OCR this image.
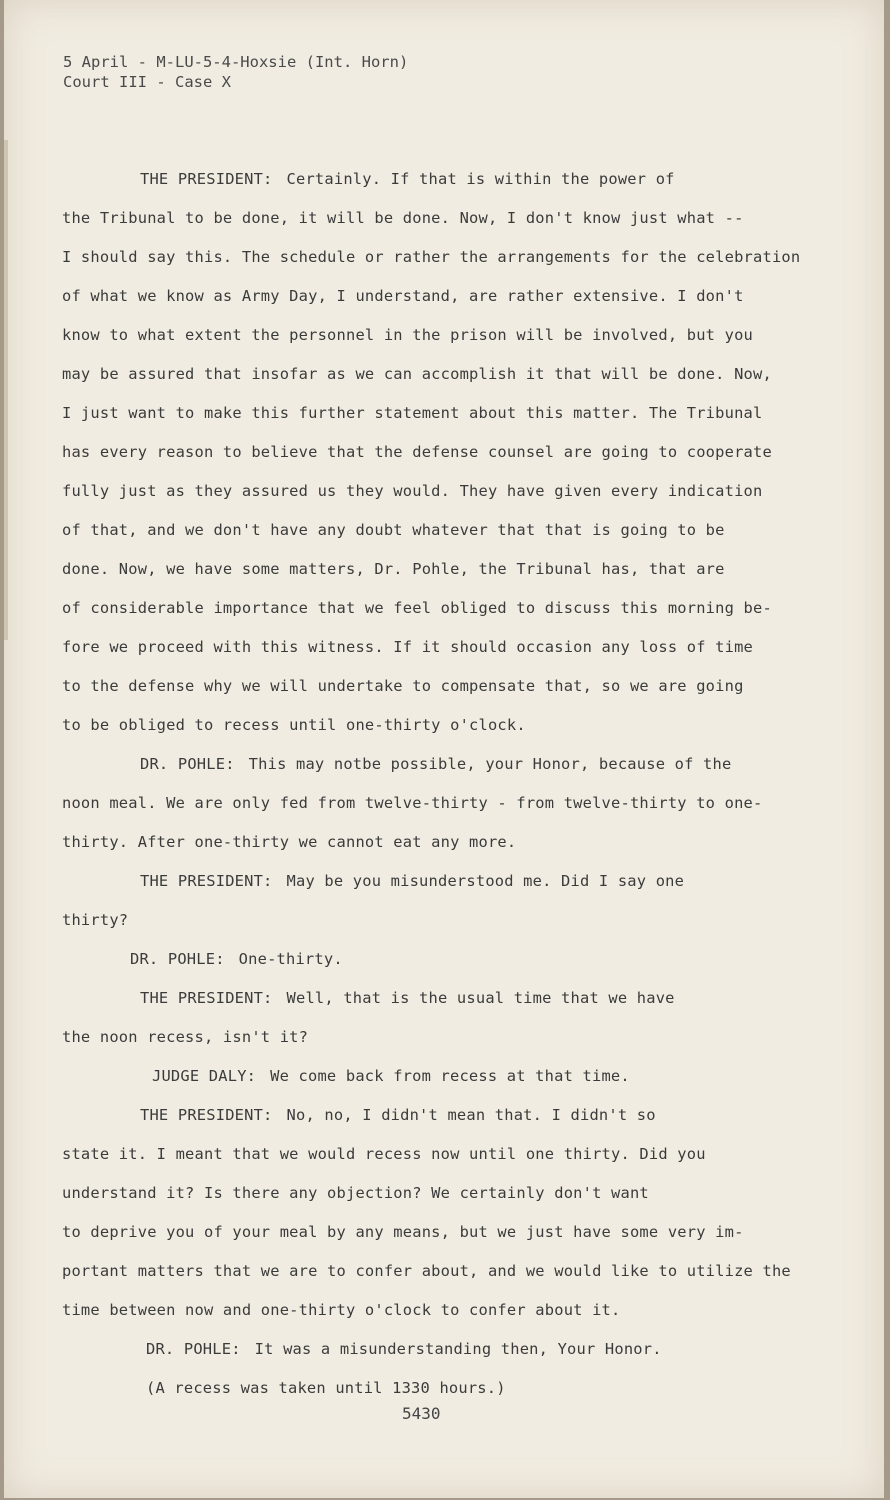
5 April - M-LU-5-4-Hoxsie (Int. Horn)
Court III - Case X
THE PRESIDENT: Certainly. If that is within the power of
the Tribunal to be done, it will be done. Now, I don't know just what --
I should say this. The schedule or rather the arrangements for the celebration
of what we know as Army Day, I understand, are rather extensive. I don't
know to what extent the personnel in the prison will be involved, but you
may be assured that insofar as we can accomplish it that will be done. Now,
I just want to make this further statement about this matter. The Tribunal
has every reason to believe that the defense counsel are going to cooperate
fully just as they assured us they would. They have given every indication
of that, and we don't have any doubt whatever that that is going to be
done. Now, we have some matters, Dr. Pohle, the Tribunal has, that are
of considerable importance that we feel obliged to discuss this morning be-
fore we proceed with this witness. If it should occasion any loss of time
to the defense why we will undertake to compensate that, so we are going
to be obliged to recess until one-thirty o'clock.
DR. POHLE: This may notbe possible, your Honor, because of the
noon meal. We are only fed from twelve-thirty - from twelve-thirty to one-
thirty. After one-thirty we cannot eat any more.
THE PRESIDENT: May be you misunderstood me. Did I say one
thirty?
DR. POHLE: One-thirty.
THE PRESIDENT: Well, that is the usual time that we have
the noon recess, isn't it?
JUDGE DALY: We come back from recess at that time.
THE PRESIDENT: No, no, I didn't mean that. I didn't so
state it. I meant that we would recess now until one thirty. Did you
understand it? Is there any objection? We certainly don't want
to deprive you of your meal by any means, but we just have some very im-
portant matters that we are to confer about, and we would like to utilize the
time between now and one-thirty o'clock to confer about it.
DR. POHLE: It was a misunderstanding then, Your Honor.
(A recess was taken until 1330 hours.)
5430
